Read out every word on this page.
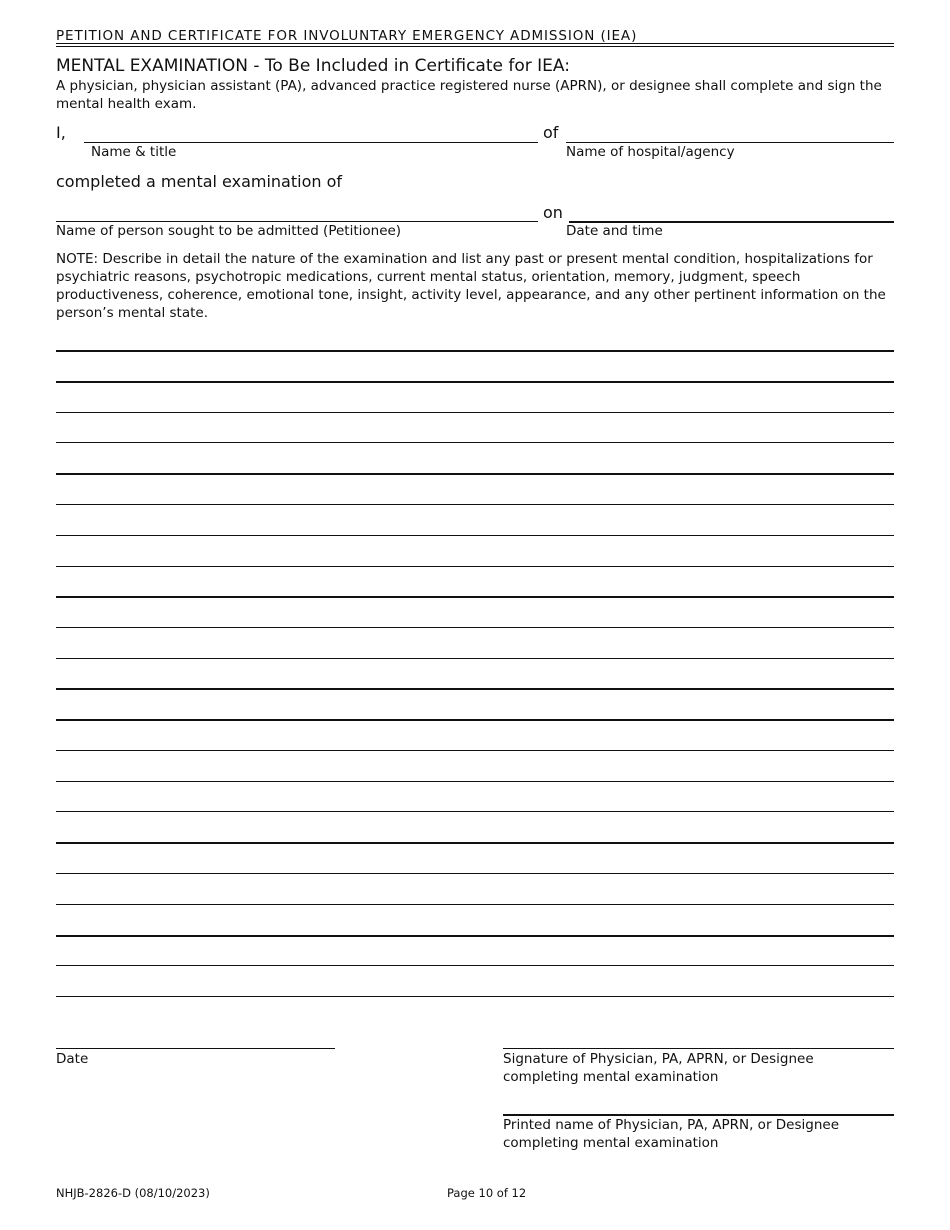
PETITION AND CERTIFICATE FOR INVOLUNTARY EMERGENCY ADMISSION (IEA)
MENTAL EXAMINATION - To Be Included in Certificate for IEA:
A physician, physician assistant (PA), advanced practice registered nurse (APRN), or designee shall complete and sign the mental health exam.
I,	of
Name & title	Name of hospital/agency
completed a mental examination of
on
Name of person sought to be admitted (Petitionee)	Date and time
NOTE: Describe in detail the nature of the examination and list any past or present mental condition, hospitalizations for psychiatric reasons, psychotropic medications, current mental status, orientation, memory, judgment, speech productiveness, coherence, emotional tone, insight, activity level, appearance, and any other pertinent information on the person’s mental state.
Date	Signature of Physician, PA, APRN, or Designee
completing mental examination
Printed name of Physician, PA, APRN, or Designee
completing mental examination
NHJB-2826-D (08/10/2023)	Page 10 of 12
